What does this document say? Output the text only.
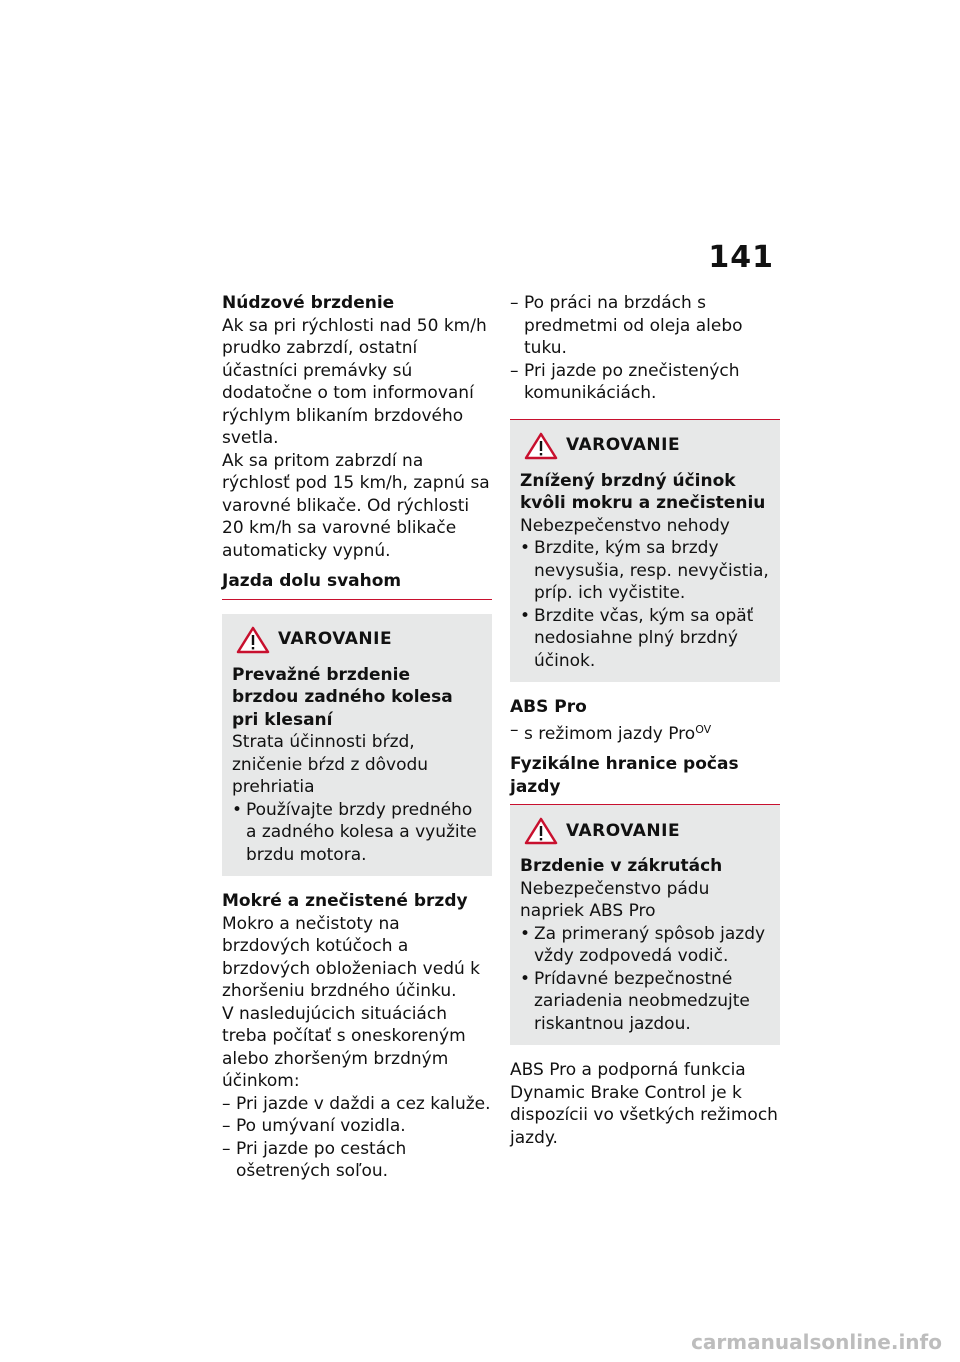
141

Núdzové brzdenie

Ak sa pri rýchlosti nad 50 km/h prudko zabrzdí, ostatní účastníci premávky sú dodatočne o tom informovaní rýchlym blikaním brzdového svetla.

Ak sa pritom zabrzdí na rýchlosť pod 15 km/h, zapnú sa varovné blikače. Od rýchlosti 20 km/h sa varovné blikače automaticky vypnú.

Jazda dolu svahom

VAROVANIE

Prevažné brzdenie brzdou zadného kolesa pri klesaní

Strata účinnosti bŕzd, zničenie bŕzd z dôvodu prehriatia

• Používajte brzdy predného a zadného kolesa a využite brzdu motora.

Mokré a znečistené brzdy

Mokro a nečistoty na brzdových kotúčoch a brzdových obloženiach vedú k zhoršeniu brzdného účinku.

V nasledujúcich situáciách treba počítať s oneskoreným alebo zhoršeným brzdným účinkom:

– Pri jazde v daždi a cez kaluže.

– Po umývaní vozidla.

– Pri jazde po cestách ošetrených soľou.

– Po práci na brzdách s predmetmi od oleja alebo tuku.

– Pri jazde po znečistených komunikáciách.

VAROVANIE

Znížený brzdný účinok kvôli mokru a znečisteniu

Nebezpečenstvo nehody

• Brzdite, kým sa brzdy nevysušia, resp. nevyčistia, príp. ich vyčistite.

• Brzdite včas, kým sa opäť nedosiahne plný brzdný účinok.

ABS Pro

– s režimom jazdy Pro$^{OV}$

Fyzikálne hranice počas jazdy

VAROVANIE

Brzdenie v zákrutách

Nebezpečenstvo pádu napriek ABS Pro

• Za primeraný spôsob jazdy vždy zodpovedá vodič.

• Prídavné bezpečnostné zariadenia neobmedzujte riskantnou jazdou.

ABS Pro a podporná funkcia Dynamic Brake Control je k dispozícii vo všetkých režimoch jazdy.

carmanualsonline.info
